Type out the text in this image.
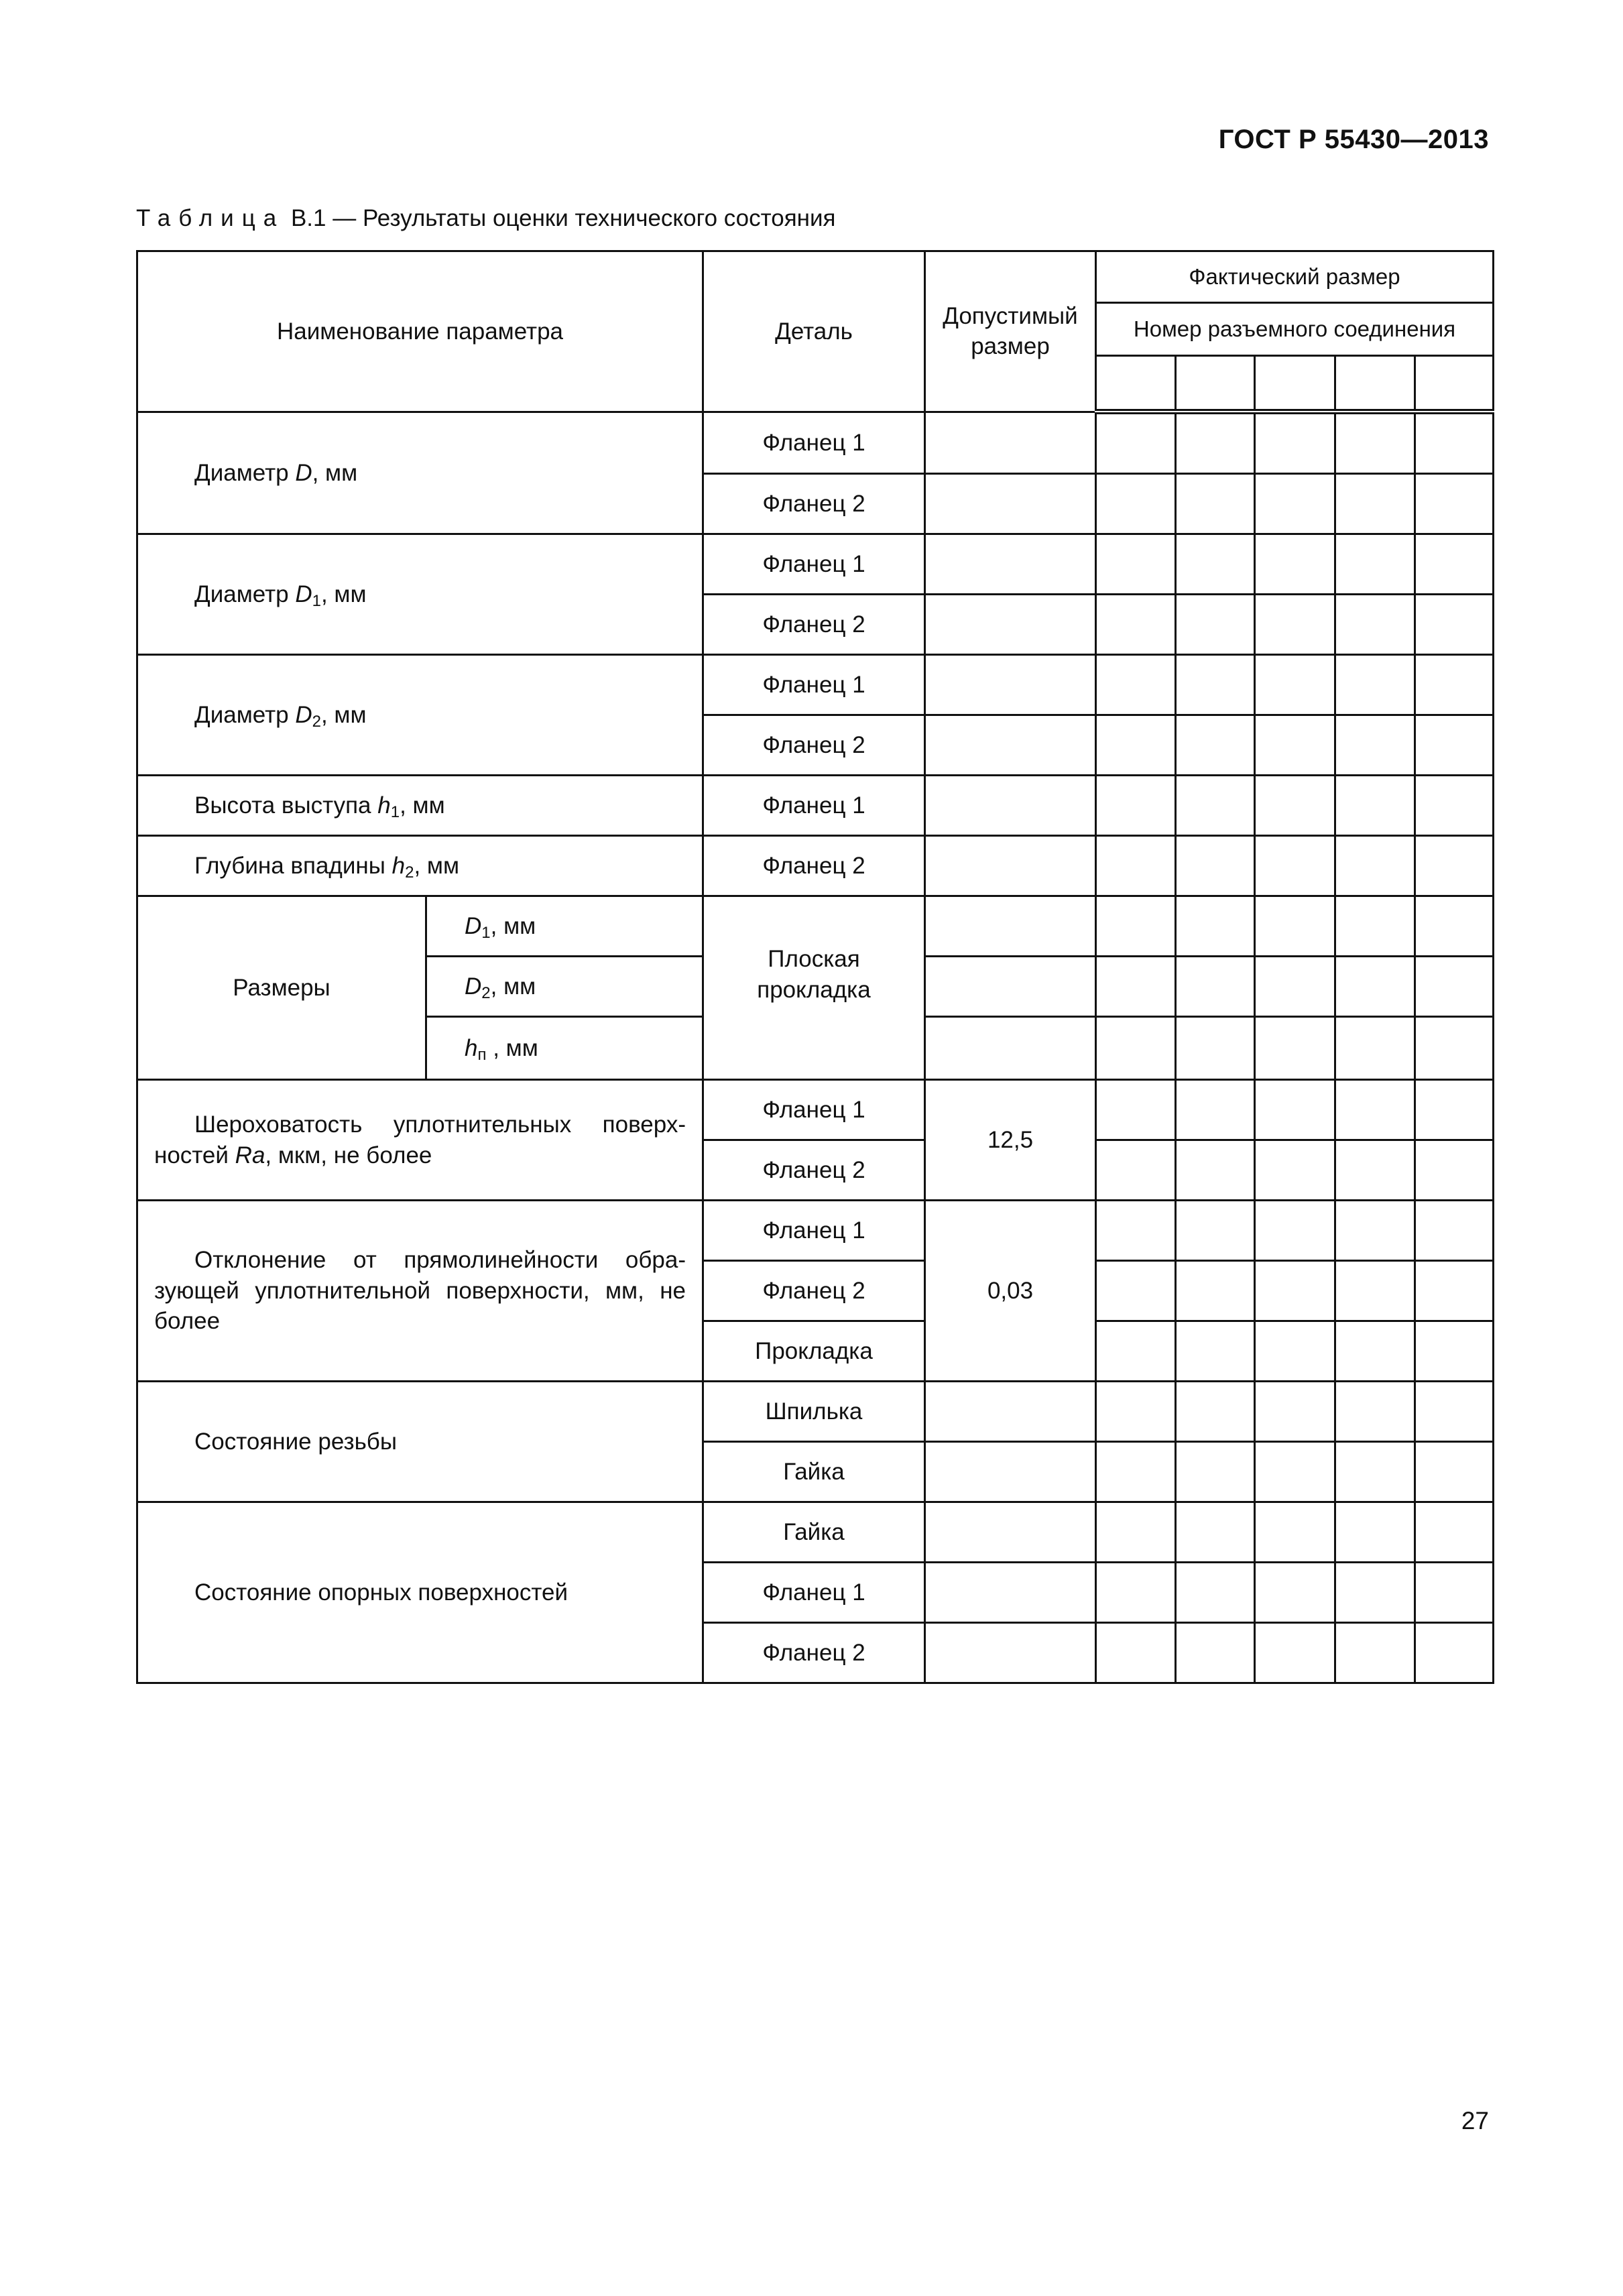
ГОСТ Р 55430—2013
Таблица В.1 — Результаты оценки технического состояния
Наименование параметра		Деталь	Допустимый размер	Фактический размер				
				Номер разъемного соединения				

Диаметр D, мм		Фланец 1						
		Фланец 2						
Диаметр $D_1$, мм		Фланец 1						
		Фланец 2						
Диаметр $D_2$, мм		Фланец 1						
		Фланец 2						
Высота выступа $h_1$, мм		Фланец 1						
Глубина впадины $h_2$, мм		Фланец 2						
Размеры	$D_1$, мм	Плоская прокладка						
	$D_2$, мм							
	$h_п$ , мм							

Шероховатость уплотнительных поверхностей Ra, мкм, не более		Фланец 1	12,5					
		Фланец 2						

Отклонение от прямолинейности образующей уплотнительной поверхности, мм, не более		Фланец 1	0,03					
		Фланец 2						
		Прокладка						
Состояние резьбы		Шпилька						
		Гайка						
Состояние опорных поверхностей		Гайка						
		Фланец 1						
		Фланец 2						
27
